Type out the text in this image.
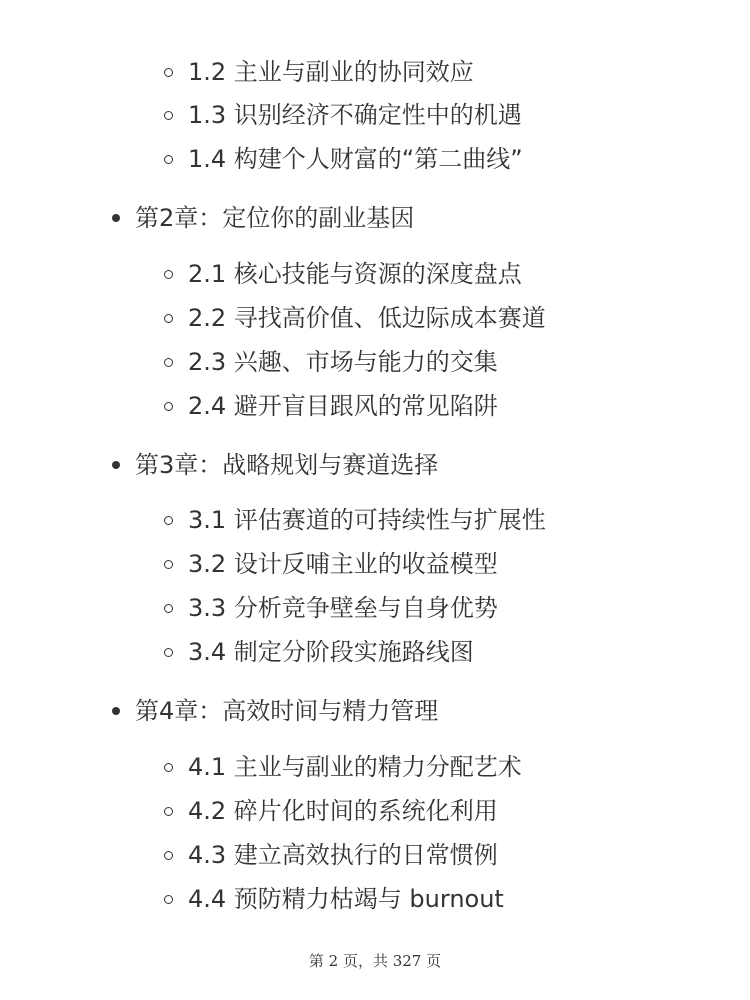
1.2 主业与副业的协同效应
1.3 识别经济不确定性中的机遇
1.4 构建个人财富的“第二曲线”
第2章：定位你的副业基因
2.1 核心技能与资源的深度盘点
2.2 寻找高价值、低边际成本赛道
2.3 兴趣、市场与能力的交集
2.4 避开盲目跟风的常见陷阱
第3章：战略规划与赛道选择
3.1 评估赛道的可持续性与扩展性
3.2 设计反哺主业的收益模型
3.3 分析竞争壁垒与自身优势
3.4 制定分阶段实施路线图
第4章：高效时间与精力管理
4.1 主业与副业的精力分配艺术
4.2 碎片化时间的系统化利用
4.3 建立高效执行的日常惯例
4.4 预防精力枯竭与 burnout
第 2 页，共 327 页
